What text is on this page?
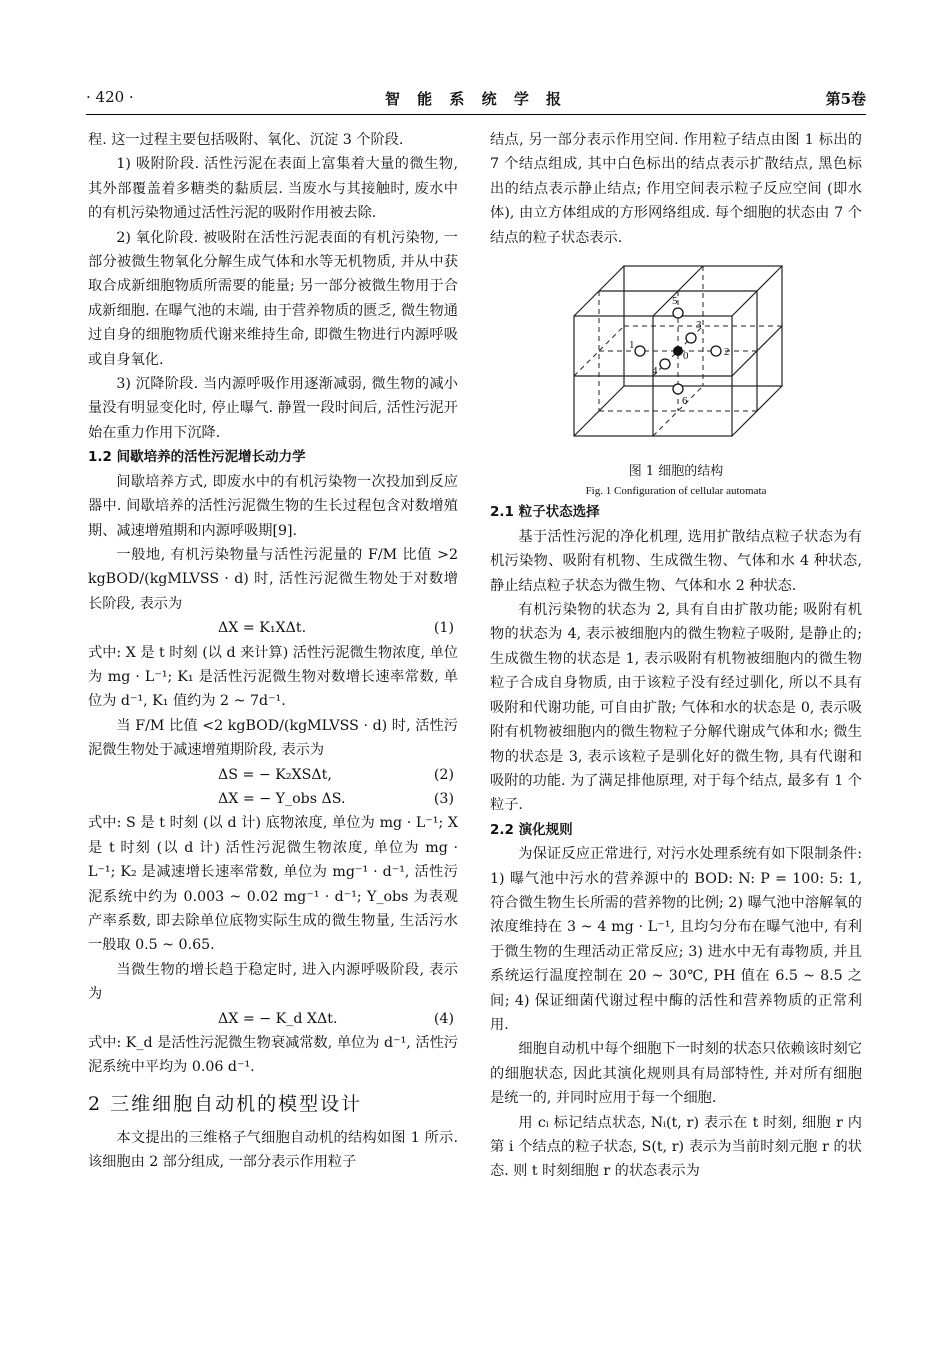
· 420 ·	智 能 系 统 学 报	第5卷

程. 这一过程主要包括吸附、氧化、沉淀 3 个阶段.

1) 吸附阶段. 活性污泥在表面上富集着大量的微生物, 其外部覆盖着多糖类的黏质层. 当废水与其接触时, 废水中的有机污染物通过活性污泥的吸附作用被去除.

2) 氧化阶段. 被吸附在活性污泥表面的有机污染物, 一部分被微生物氧化分解生成气体和水等无机物质, 并从中获取合成新细胞物质所需要的能量; 另一部分被微生物用于合成新细胞. 在曝气池的末端, 由于营养物质的匮乏, 微生物通过自身的细胞物质代谢来维持生命, 即微生物进行内源呼吸或自身氧化.

3) 沉降阶段. 当内源呼吸作用逐渐减弱, 微生物的减小量没有明显变化时, 停止曝气. 静置一段时间后, 活性污泥开始在重力作用下沉降.

1.2 间歇培养的活性污泥增长动力学

间歇培养方式, 即废水中的有机污染物一次投加到反应器中. 间歇培养的活性污泥微生物的生长过程包含对数增殖期、减速增殖期和内源呼吸期[9].

一般地, 有机污染物量与活性污泥量的 F/M 比值 >2 kgBOD/(kgMLVSS · d) 时, 活性污泥微生物处于对数增长阶段, 表示为

ΔX = K₁XΔt.	(1)

式中: X 是 t 时刻 (以 d 来计算) 活性污泥微生物浓度, 单位为 mg · L⁻¹; K₁ 是活性污泥微生物对数增长速率常数, 单位为 d⁻¹, K₁ 值约为 2 ~ 7d⁻¹.

当 F/M 比值 <2 kgBOD/(kgMLVSS · d) 时, 活性污泥微生物处于减速增殖期阶段, 表示为

ΔS = − K₂XSΔt,	(2)
ΔX = − Y_obs ΔS.	(3)

式中: S 是 t 时刻 (以 d 计) 底物浓度, 单位为 mg · L⁻¹; X 是 t 时刻 (以 d 计) 活性污泥微生物浓度, 单位为 mg · L⁻¹; K₂ 是减速增长速率常数, 单位为 mg⁻¹ · d⁻¹, 活性污泥系统中约为 0.003 ~ 0.02 mg⁻¹ · d⁻¹; Y_obs 为表观产率系数, 即去除单位底物实际生成的微生物量, 生活污水一般取 0.5 ~ 0.65.

当微生物的增长趋于稳定时, 进入内源呼吸阶段, 表示为

ΔX = − K_d XΔt.	(4)

式中: K_d 是活性污泥微生物衰减常数, 单位为 d⁻¹, 活性污泥系统中平均为 0.06 d⁻¹.

2 三维细胞自动机的模型设计

本文提出的三维格子气细胞自动机的结构如图 1 所示. 该细胞由 2 部分组成, 一部分表示作用粒子

结点, 另一部分表示作用空间. 作用粒子结点由图 1 标出的 7 个结点组成, 其中白色标出的结点表示扩散结点, 黑色标出的结点表示静止结点; 作用空间表示粒子反应空间 (即水体), 由立方体组成的方形网络组成. 每个细胞的状态由 7 个结点的粒子状态表示.

0
1
2
3
4
5
6

图 1 细胞的结构

Fig. 1 Configuration of cellular automata

2.1 粒子状态选择

基于活性污泥的净化机理, 选用扩散结点粒子状态为有机污染物、吸附有机物、生成微生物、气体和水 4 种状态, 静止结点粒子状态为微生物、气体和水 2 种状态.

有机污染物的状态为 2, 具有自由扩散功能; 吸附有机物的状态为 4, 表示被细胞内的微生物粒子吸附, 是静止的; 生成微生物的状态是 1, 表示吸附有机物被细胞内的微生物粒子合成自身物质, 由于该粒子没有经过驯化, 所以不具有吸附和代谢功能, 可自由扩散; 气体和水的状态是 0, 表示吸附有机物被细胞内的微生物粒子分解代谢成气体和水; 微生物的状态是 3, 表示该粒子是驯化好的微生物, 具有代谢和吸附的功能. 为了满足排他原理, 对于每个结点, 最多有 1 个粒子.

2.2 演化规则

为保证反应正常进行, 对污水处理系统有如下限制条件: 1) 曝气池中污水的营养源中的 BOD: N: P = 100: 5: 1, 符合微生物生长所需的营养物的比例; 2) 曝气池中溶解氧的浓度维持在 3 ~ 4 mg · L⁻¹, 且均匀分布在曝气池中, 有利于微生物的生理活动正常反应; 3) 进水中无有毒物质, 并且系统运行温度控制在 20 ~ 30℃, PH 值在 6.5 ~ 8.5 之间; 4) 保证细菌代谢过程中酶的活性和营养物质的正常利用.

细胞自动机中每个细胞下一时刻的状态只依赖该时刻它的细胞状态, 因此其演化规则具有局部特性, 并对所有细胞是统一的, 并同时应用于每一个细胞.

用 cᵢ 标记结点状态, Nᵢ(t, r) 表示在 t 时刻, 细胞 r 内第 i 个结点的粒子状态, S(t, r) 表示为当前时刻元胞 r 的状态. 则 t 时刻细胞 r 的状态表示为
